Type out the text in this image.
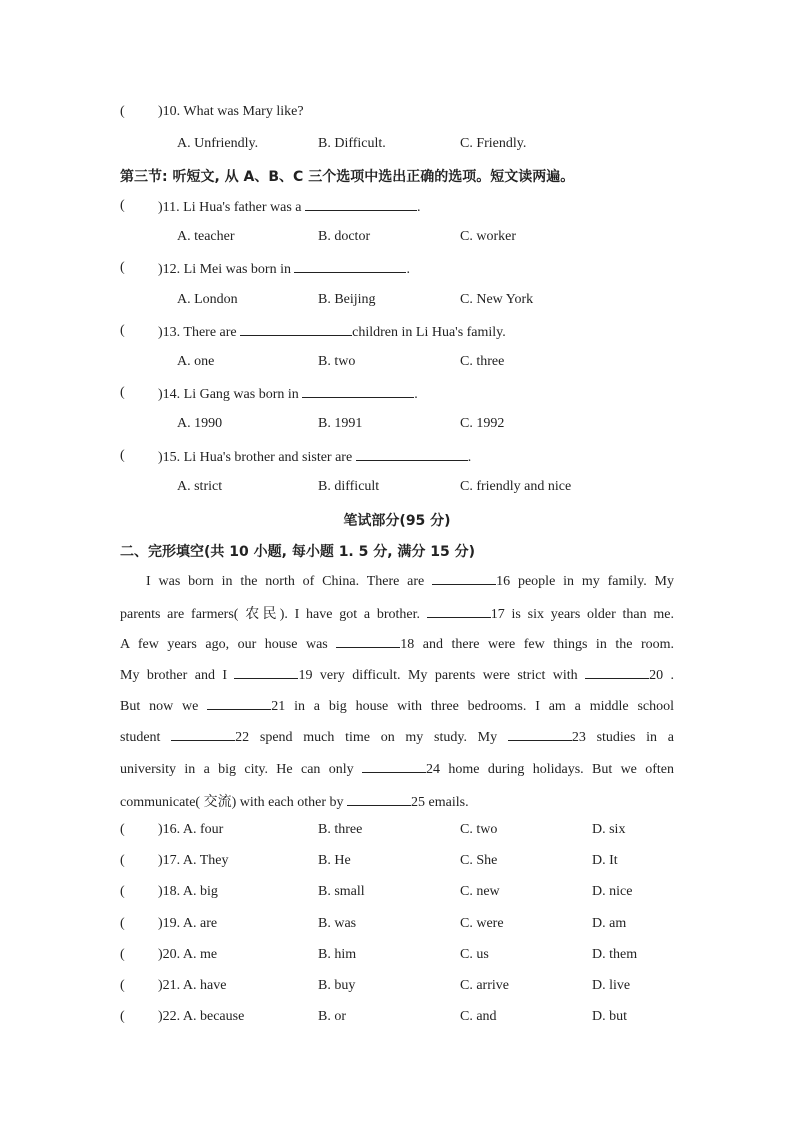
( )10. What was Mary like?
A. Unfriendly.	B. Difficult.	C. Friendly.
第三节: 听短文, 从 A、B、C 三个选项中选出正确的选项。短文读两遍。
( )11. Li Hua's father was a	.
A. teacher	B. doctor	C. worker
( )12. Li Mei was born in	.
A. London	B. Beijing	C. New York
( )13. There are	children in Li Hua's family.
A. one	B. two	C. three
( )14. Li Gang was born in	.
A. 1990	B. 1991	C. 1992
( )15. Li Hua's brother and sister are	.
A. strict	B. difficult	C. friendly and nice
笔试部分(95 分)
二、完形填空(共 10 小题, 每小题 1. 5 分, 满分 15 分)
I was born in the north of China. There are	16 people in my family. My
parents are farmers( 农民). I have got a brother.	17 is six years older than me.
A few years ago, our house was	18 and there were few things in the room.
My brother and I	19 very difficult. My parents were strict with	20 .
But now we	21 in a big house with three bedrooms. I am a middle school
student	22 spend much time on my study. My	23 studies in a
university in a big city. He can only	24 home during holidays. But we often
communicate( 交流) with each other by	25 emails.
( )16. A. four	B. three	C. two	D. six
( )17. A. They	B. He	C. She	D. It
( )18. A. big	B. small	C. new	D. nice
( )19. A. are	B. was	C. were	D. am
( )20. A. me	B. him	C. us	D. them
( )21. A. have	B. buy	C. arrive	D. live
( )22. A. because	B. or	C. and	D. but
